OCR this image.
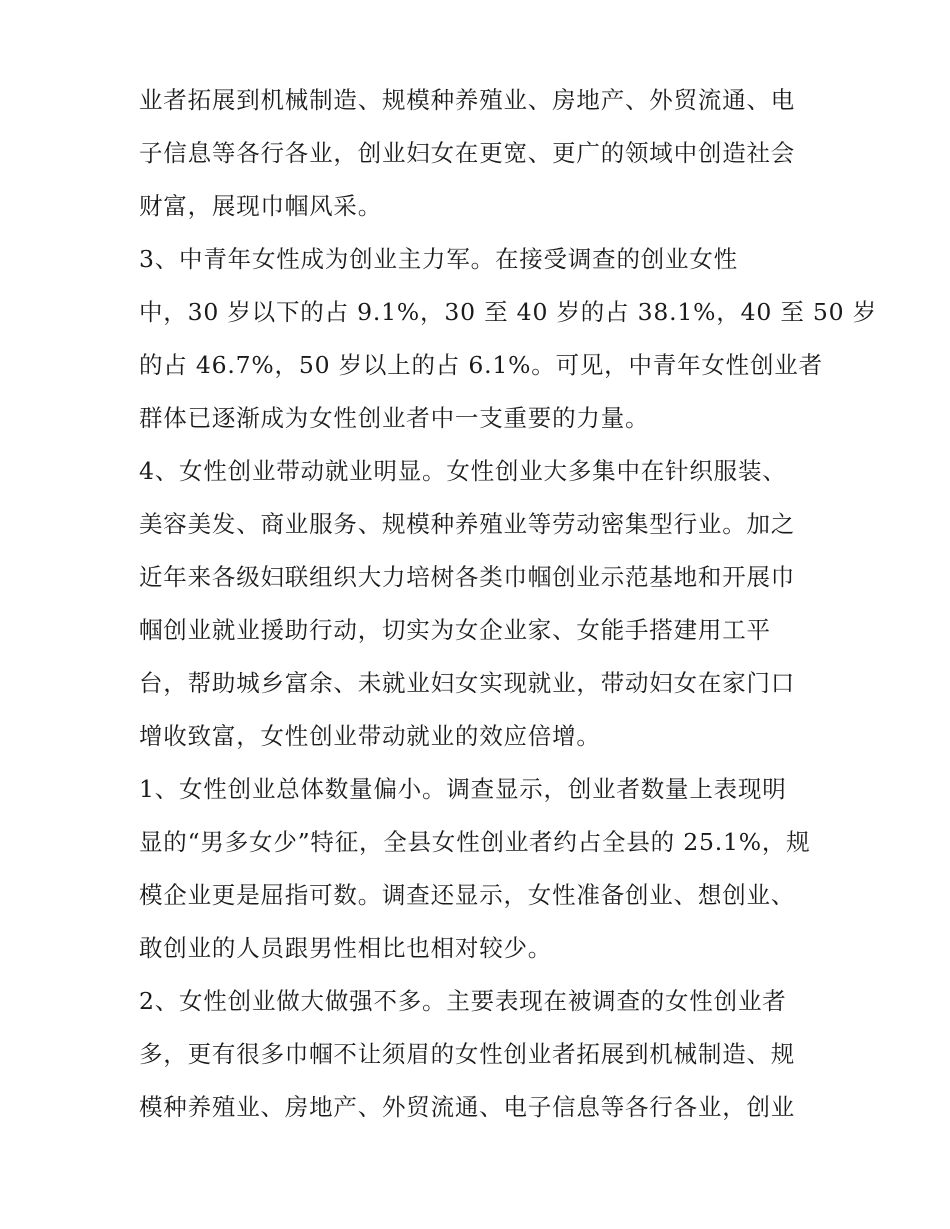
业者拓展到机械制造、规模种养殖业、房地产、外贸流通、电
子信息等各行各业，创业妇女在更宽、更广的领域中创造社会
财富，展现巾帼风采。
3、中青年女性成为创业主力军。在接受调查的创业女性
中，30 岁以下的占 9.1%，30 至 40 岁的占 38.1%，40 至 50 岁
的占 46.7%，50 岁以上的占 6.1%。可见，中青年女性创业者
群体已逐渐成为女性创业者中一支重要的力量。
4、女性创业带动就业明显。女性创业大多集中在针织服装、
美容美发、商业服务、规模种养殖业等劳动密集型行业。加之
近年来各级妇联组织大力培树各类巾帼创业示范基地和开展巾
帼创业就业援助行动，切实为女企业家、女能手搭建用工平
台，帮助城乡富余、未就业妇女实现就业，带动妇女在家门口
增收致富，女性创业带动就业的效应倍增。
1、女性创业总体数量偏小。调查显示，创业者数量上表现明
显的“男多女少”特征，全县女性创业者约占全县的 25.1%，规
模企业更是屈指可数。调查还显示，女性准备创业、想创业、
敢创业的人员跟男性相比也相对较少。
2、女性创业做大做强不多。主要表现在被调查的女性创业者
多，更有很多巾帼不让须眉的女性创业者拓展到机械制造、规
模种养殖业、房地产、外贸流通、电子信息等各行各业，创业
